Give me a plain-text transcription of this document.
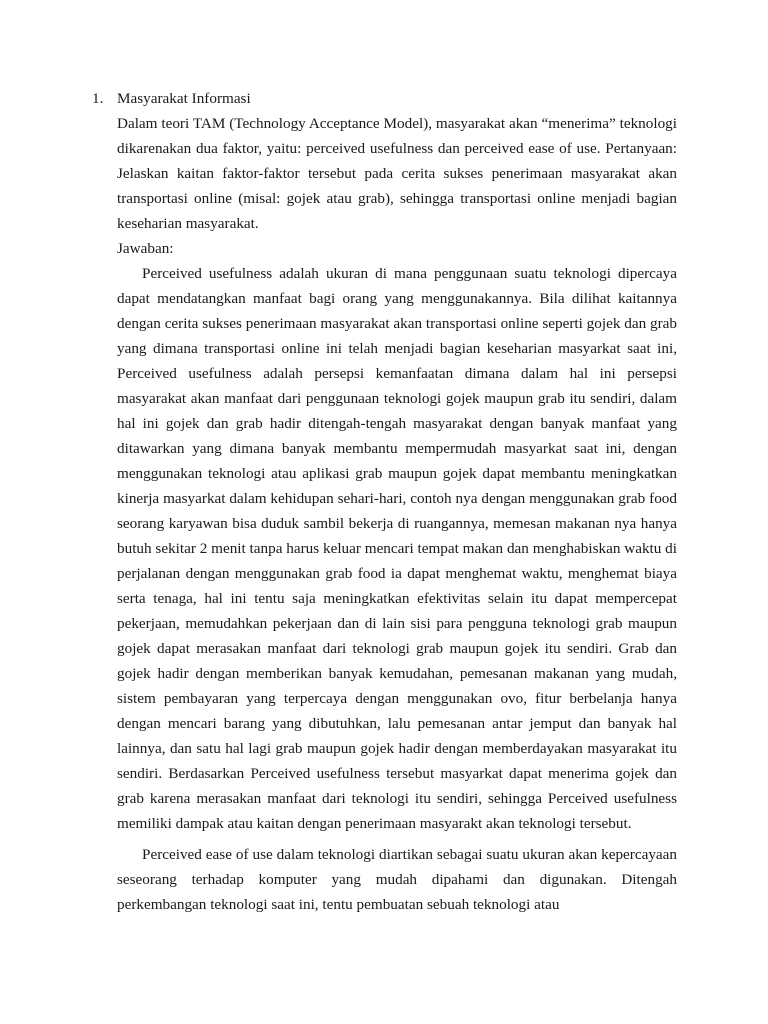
1. Masyarakat Informasi

Dalam teori TAM (Technology Acceptance Model), masyarakat akan “menerima” teknologi dikarenakan dua faktor, yaitu: perceived usefulness dan perceived ease of use. Pertanyaan: Jelaskan kaitan faktor-faktor tersebut pada cerita sukses penerimaan masyarakat akan transportasi online (misal: gojek atau grab), sehingga transportasi online menjadi bagian keseharian masyarakat.

Jawaban:

Perceived usefulness adalah ukuran di mana penggunaan suatu teknologi dipercaya dapat mendatangkan manfaat bagi orang yang menggunakannya. Bila dilihat kaitannya dengan cerita sukses penerimaan masyarakat akan transportasi online seperti gojek dan grab yang dimana transportasi online ini telah menjadi bagian keseharian masyarkat saat ini, Perceived usefulness adalah persepsi kemanfaatan dimana dalam hal ini persepsi masyarakat akan manfaat dari penggunaan teknologi gojek maupun grab itu sendiri, dalam hal ini gojek dan grab hadir ditengah-tengah masyarakat dengan banyak manfaat yang ditawarkan yang dimana banyak membantu mempermudah masyarkat saat ini, dengan menggunakan teknologi atau aplikasi grab maupun gojek dapat membantu meningkatkan kinerja masyarkat dalam kehidupan sehari-hari, contoh nya dengan menggunakan grab food seorang karyawan bisa duduk sambil bekerja di ruangannya, memesan makanan nya hanya butuh sekitar 2 menit tanpa harus keluar mencari tempat makan dan menghabiskan waktu di perjalanan dengan menggunakan grab food ia dapat menghemat waktu, menghemat biaya serta tenaga, hal ini tentu saja meningkatkan efektivitas selain itu dapat mempercepat pekerjaan, memudahkan pekerjaan dan di lain sisi para pengguna teknologi grab maupun gojek dapat merasakan manfaat dari teknologi grab maupun gojek itu sendiri. Grab dan gojek hadir dengan memberikan banyak kemudahan, pemesanan makanan yang mudah, sistem pembayaran yang terpercaya dengan menggunakan ovo, fitur berbelanja hanya dengan mencari barang yang dibutuhkan, lalu pemesanan antar jemput dan banyak hal lainnya, dan satu hal lagi grab maupun gojek hadir dengan memberdayakan masyarakat itu sendiri. Berdasarkan Perceived usefulness tersebut masyarkat dapat menerima gojek dan grab karena merasakan manfaat dari teknologi itu sendiri, sehingga Perceived usefulness memiliki dampak atau kaitan dengan penerimaan masyarakt akan teknologi tersebut.

Perceived ease of use dalam teknologi diartikan sebagai suatu ukuran akan kepercayaan seseorang terhadap komputer yang mudah dipahami dan digunakan. Ditengah perkembangan teknologi saat ini, tentu pembuatan sebuah teknologi atau
